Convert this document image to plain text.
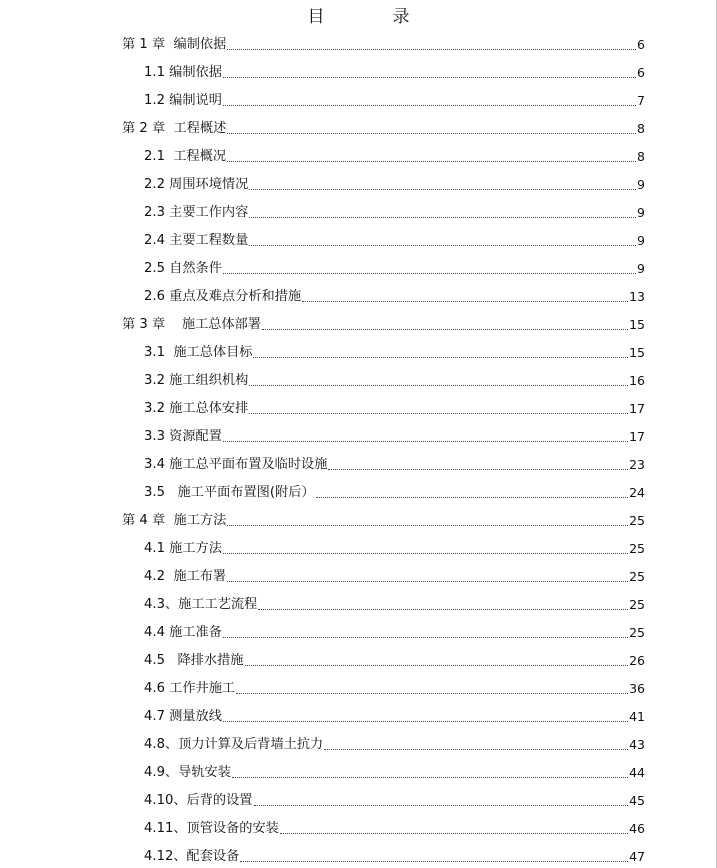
目　　　　录
第 1 章  编制依据	6
1.1 编制依据	6
1.2 编制说明	7
第 2 章  工程概述	8
2.1  工程概况	8
2.2 周围环境情况	9
2.3 主要工作内容	9
2.4 主要工程数量	9
2.5 自然条件	9
2.6 重点及难点分析和措施	13
第 3 章    施工总体部署	15
3.1  施工总体目标	15
3.2 施工组织机构	16
3.2 施工总体安排	17
3.3 资源配置	17
3.4 施工总平面布置及临时设施	23
3.5   施工平面布置图(附后）	24
第 4 章  施工方法	25
4.1 施工方法	25
4.2  施工布署	25
4.3、施工工艺流程	25
4.4 施工准备	25
4.5   降排水措施	26
4.6 工作井施工	36
4.7 测量放线	41
4.8、顶力计算及后背墙土抗力	43
4.9、导轨安装	44
4.10、后背的设置	45
4.11、顶管设备的安装	46
4.12、配套设备	47
